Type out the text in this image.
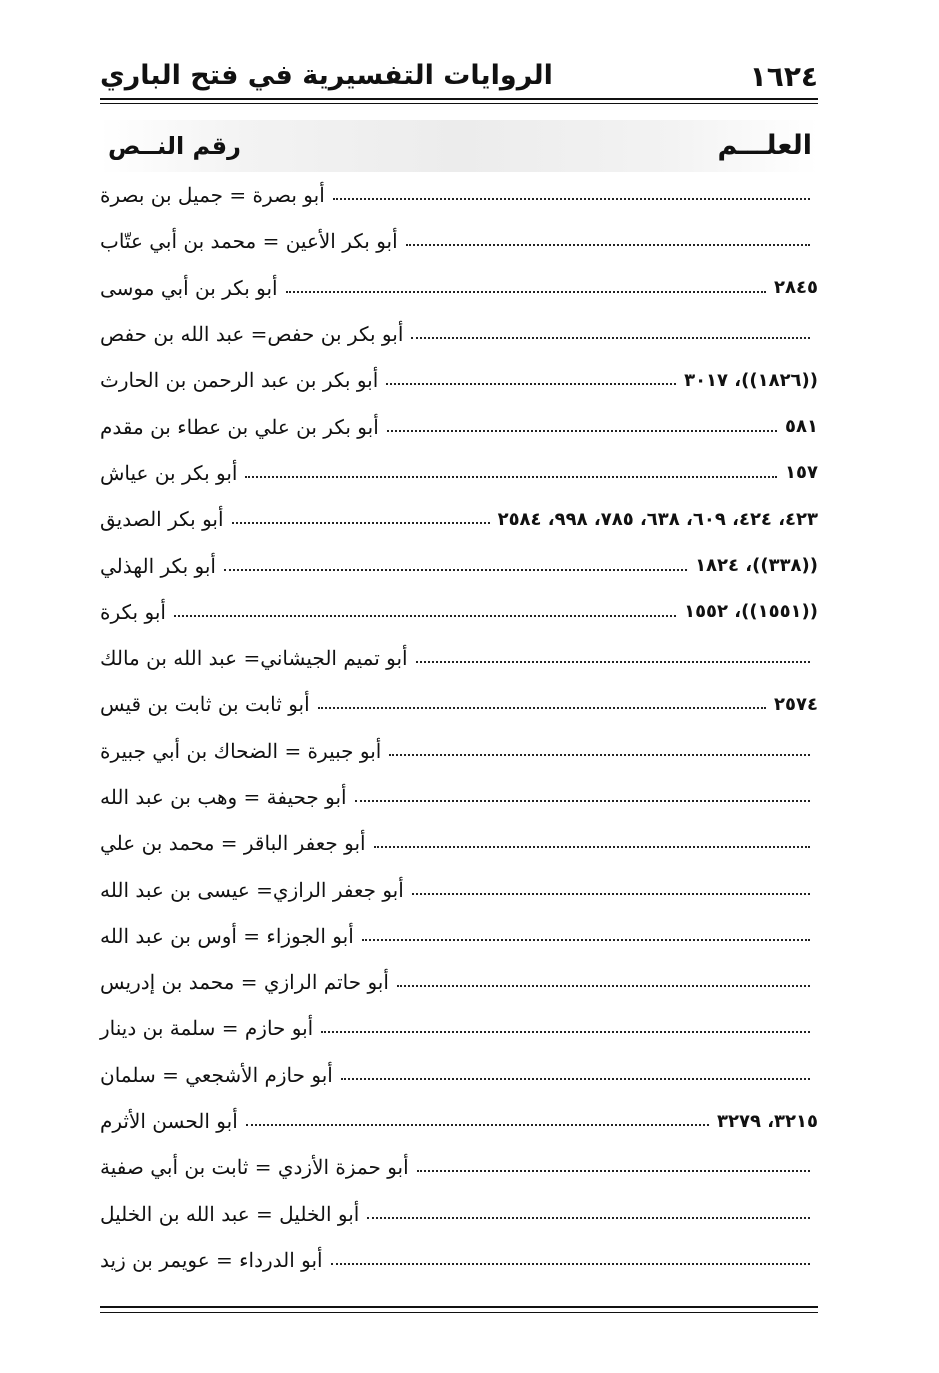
١٦٢٤
الروايات التفسيرية في فتح الباري
العلـــم
رقم النــص
أبو بصرة = جميل بن بصرة
أبو بكر الأعين = محمد بن أبي عتّاب
أبو بكر بن أبي موسى	٢٨٤٥
أبو بكر بن حفص= عبد الله بن حفص
أبو بكر بن عبد الرحمن بن الحارث	((١٨٢٦))، ٣٠١٧
أبو بكر بن علي بن عطاء بن مقدم	٥٨١
أبو بكر بن عياش	١٥٧
أبو بكر الصديق	٤٢٣، ٤٢٤، ٦٠٩، ٦٣٨، ٧٨٥، ٩٩٨، ٢٥٨٤
أبو بكر الهذلي	((٣٣٨))، ١٨٢٤
أبو بكرة	((١٥٥١))، ١٥٥٢
أبو تميم الجيشاني= عبد الله بن مالك
أبو ثابت بن ثابت بن قيس	٢٥٧٤
أبو جبيرة = الضحاك بن أبي جبيرة
أبو جحيفة = وهب بن عبد الله
أبو جعفر الباقر = محمد بن علي
أبو جعفر الرازي= عيسى بن عبد الله
أبو الجوزاء = أوس بن عبد الله
أبو حاتم الرازي = محمد بن إدريس
أبو حازم = سلمة بن دينار
أبو حازم الأشجعي = سلمان
أبو الحسن الأثرم	٣٢١٥، ٣٢٧٩
أبو حمزة الأزدي = ثابت بن أبي صفية
أبو الخليل = عبد الله بن الخليل
أبو الدرداء = عويمر بن زيد
